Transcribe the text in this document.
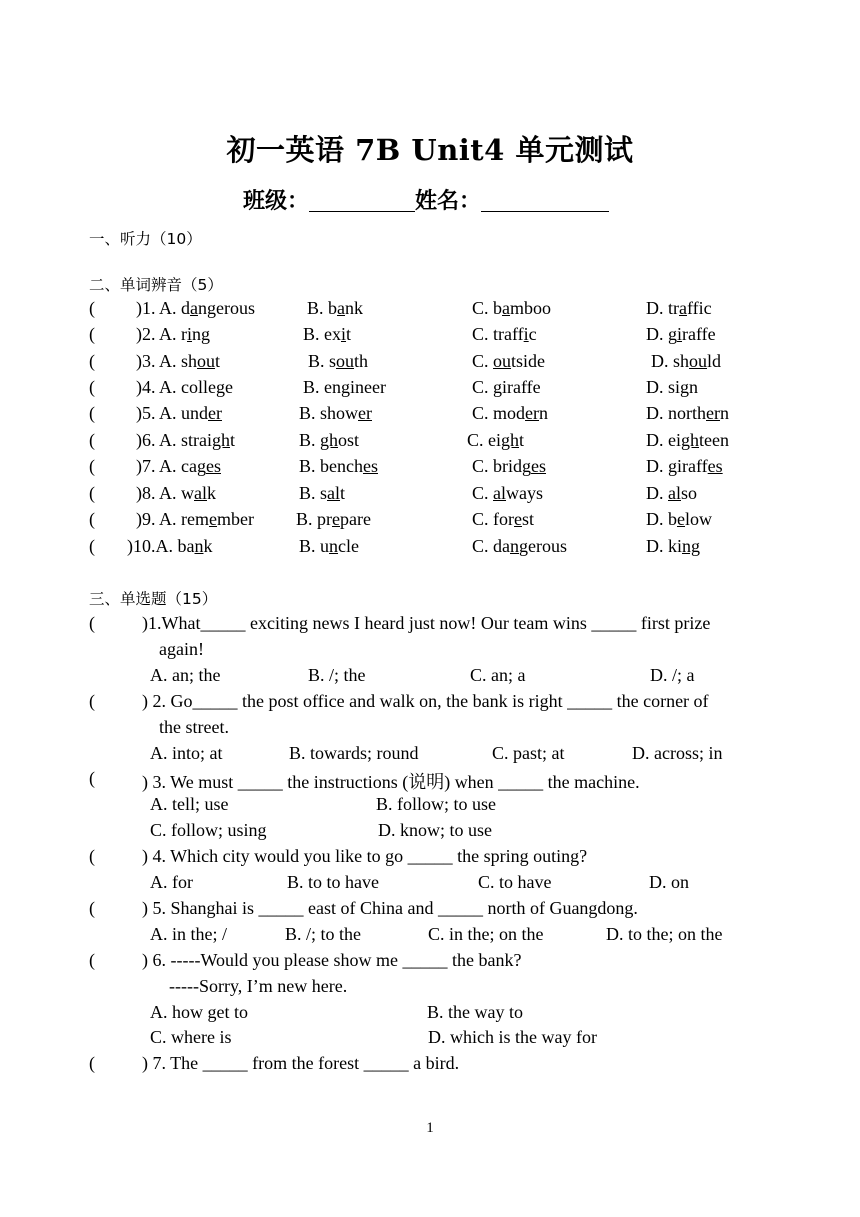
初一英语 7B Unit4 单元测试
班级：	姓名：
一、听力（10）
二、单词辨音（5）
( )1. A. dangerous	B. bank	C. bamboo	D. traffic
( )2. A. ring	B. exit	C. traffic	D. giraffe
( )3. A. shout	B. south	C. outside	D. should
( )4. A. college	B. engineer	C. giraffe	D. sign
( )5. A. under	B. shower	C. modern	D. northern
( )6. A. straight	B. ghost	C. eight	D. eighteen
( )7. A. cages	B. benches	C. bridges	D. giraffes
( )8. A. walk	B. salt	C. always	D. also
( )9. A. remember B. prepare	C. forest	D. below
( )10.A. bank	B. uncle	C. dangerous	D. king
三、单选题（15）
(	)1.What_____ exciting news I heard just now! Our team wins _____ first prize
again!
A. an; the	B. /; the	C. an; a	D. /; a
(	) 2. Go_____ the post office and walk on, the bank is right _____ the corner of
the street.
A. into; at	B. towards; round	C. past; at	D. across; in
(	) 3. We must _____ the instructions (说明) when _____ the machine.
A. tell; use	B. follow; to use
C. follow; using	D. know; to use
(	) 4. Which city would you like to go _____ the spring outing?
A. for	B. to to have	C. to have	D. on
(	) 5. Shanghai is _____ east of China and _____ north of Guangdong.
A. in the; /	B. /; to the	C. in the; on the	D. to the; on the
(	) 6. -----Would you please show me _____ the bank?
-----Sorry, I’m new here.
A. how get to	B. the way to
C. where is	D. which is the way for
(	) 7. The _____ from the forest _____ a bird.
1
